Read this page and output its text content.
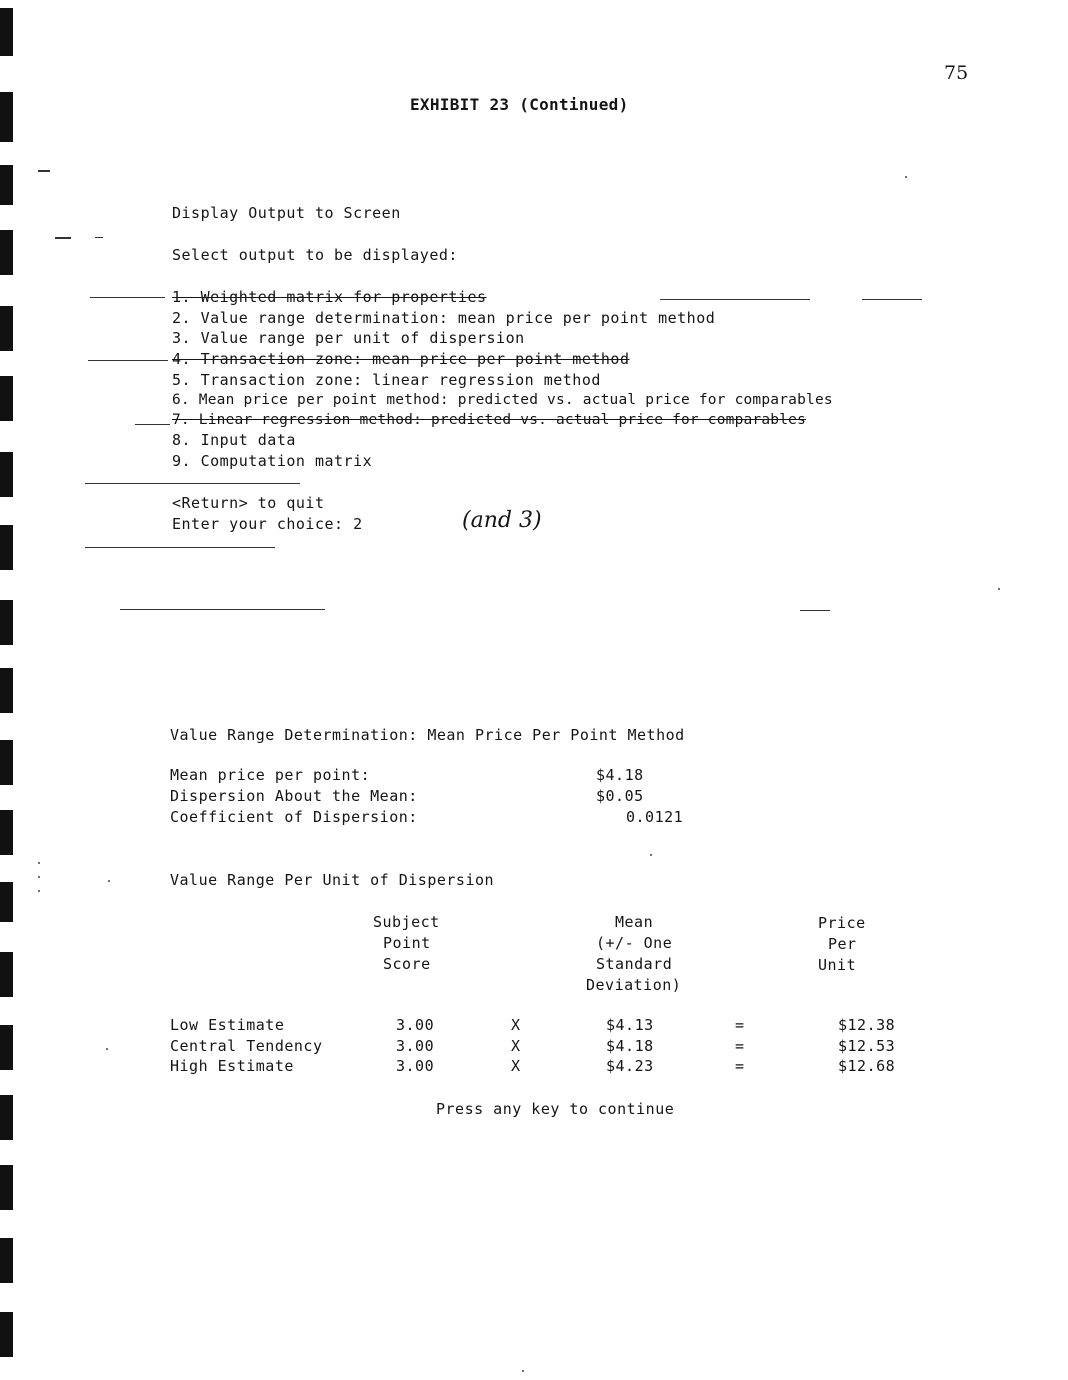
75
EXHIBIT 23 (Continued)
Display Output to Screen
Select output to be displayed:
1. Weighted matrix for properties
2. Value range determination: mean price per point method
3. Value range per unit of dispersion
4. Transaction zone: mean price per point method
5. Transaction zone: linear regression method
6. Mean price per point method: predicted vs. actual price for comparables
7. Linear regression method: predicted vs. actual price for comparables
8. Input data
9. Computation matrix
<Return> to quit
Enter your choice: 2	(and 3)
Value Range Determination: Mean Price Per Point Method
Mean price per point:	$4.18
Dispersion About the Mean:	$0.05
Coefficient of Dispersion:	0.0121
Value Range Per Unit of Dispersion
Subject
Point
Score
Mean
(+/- One
Standard
Deviation)
Price
Per
Unit
Low Estimate	3.00	X	$4.13	=	$12.38
Central Tendency	3.00	X	$4.18	=	$12.53
High Estimate	3.00	X	$4.23	=	$12.68
Press any key to continue
